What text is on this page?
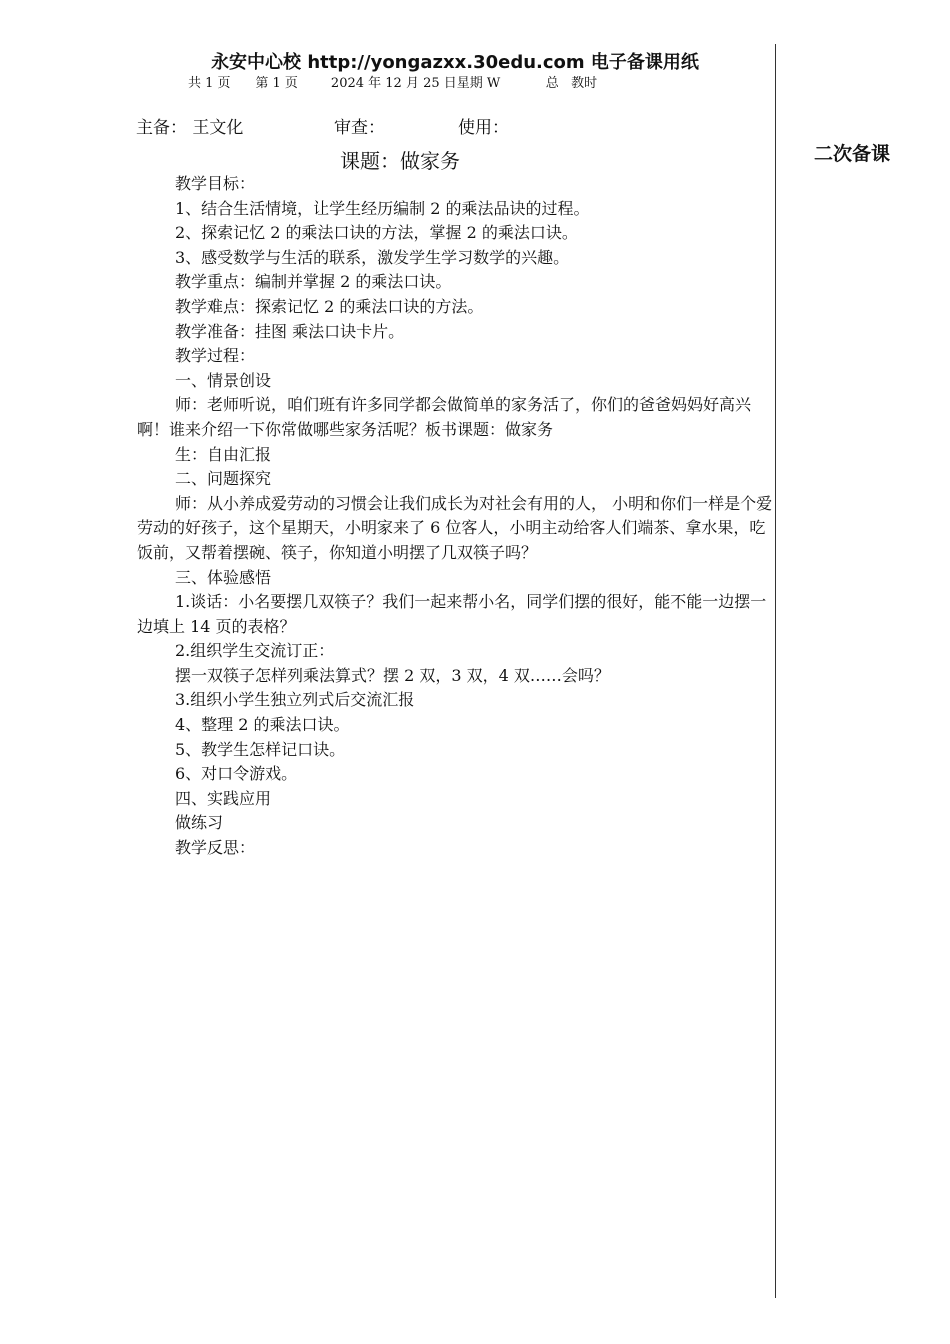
永安中心校 http://yongazxx.30edu.com 电子备课用纸
共 1 页      第 1 页        2024 年 12 月 25 日星期 W           总   教时
主备： 王文化	审查：	使用：
课题：做家务	二次备课

教学目标：

1、结合生活情境，让学生经历编制 2 的乘法品诀的过程。

2、探索记忆 2 的乘法口诀的方法，掌握 2 的乘法口诀。

3、感受数学与生活的联系，激发学生学习数学的兴趣。

教学重点：编制并掌握 2 的乘法口诀。

教学难点：探索记忆 2 的乘法口诀的方法。

教学准备：挂图 乘法口诀卡片。

教学过程：

一、情景创设

师：老师听说，咱们班有许多同学都会做简单的家务活了，你们的爸爸妈妈好高兴啊！谁来介绍一下你常做哪些家务活呢？板书课题：做家务

生：自由汇报

二、问题探究

师：从小养成爱劳动的习惯会让我们成长为对社会有用的人， 小明和你们一样是个爱劳动的好孩子，这个星期天，小明家来了 6 位客人，小明主动给客人们端茶、拿水果，吃饭前，又帮着摆碗、筷子，你知道小明摆了几双筷子吗？

三、体验感悟

1.谈话：小名要摆几双筷子？我们一起来帮小名，同学们摆的很好，能不能一边摆一边填上 14 页的表格？

2.组织学生交流订正：

摆一双筷子怎样列乘法算式？摆 2 双，3 双，4 双……会吗？

3.组织小学生独立列式后交流汇报

4、整理 2 的乘法口诀。

5、教学生怎样记口诀。

6、对口令游戏。

四、实践应用

做练习

教学反思：
